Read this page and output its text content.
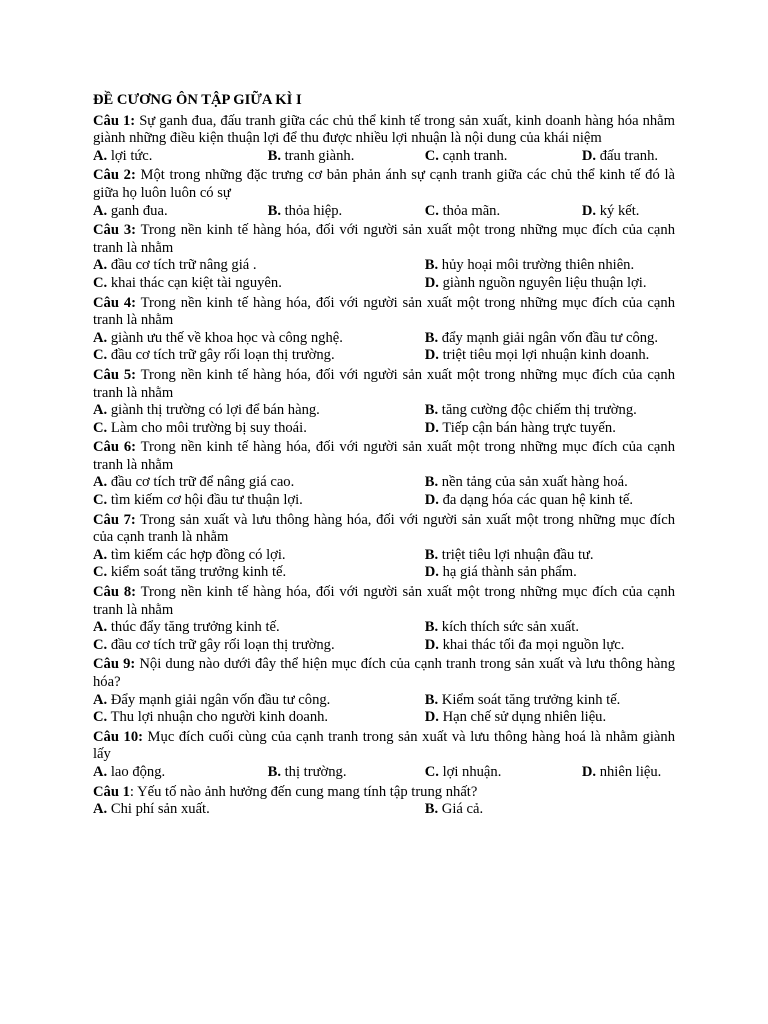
ĐỀ CƯƠNG ÔN TẬP GIỮA KÌ I
Câu 1: Sự ganh đua, đấu tranh giữa các chủ thể kinh tế trong sản xuất, kinh doanh hàng hóa nhằm giành những điều kiện thuận lợi để thu được nhiều lợi nhuận là nội dung của khái niệm
A. lợi tức.	B. tranh giành.	C. cạnh tranh.	D. đấu tranh.
Câu 2: Một trong những đặc trưng cơ bản phản ánh sự cạnh tranh giữa các chủ thể kinh tế đó là giữa họ luôn luôn có sự
A. ganh đua.	B. thỏa hiệp.	C. thỏa mãn.	D. ký kết.
Câu 3: Trong nền kinh tế hàng hóa, đối với người sản xuất một trong những mục đích của cạnh tranh là nhằm
A. đầu cơ tích trữ nâng giá .	B. hủy hoại môi trường thiên nhiên.
C. khai thác cạn kiệt tài nguyên.	D. giành nguồn nguyên liệu thuận lợi.
Câu 4: Trong nền kinh tế hàng hóa, đối với người sản xuất một trong những mục đích của cạnh tranh là nhằm
A. giành ưu thế về khoa học và công nghệ.	B. đẩy mạnh giải ngân vốn đầu tư công.
C. đầu cơ tích trữ gây rối loạn thị trường.	D. triệt tiêu mọi lợi nhuận kinh doanh.
Câu 5: Trong nền kinh tế hàng hóa, đối với người sản xuất một trong những mục đích của cạnh tranh là nhằm
A. giành thị trường có lợi để bán hàng.	B. tăng cường độc chiếm thị trường.
C. Làm cho môi trường bị suy thoái.	D. Tiếp cận bán hàng trực tuyến.
Câu 6: Trong nền kinh tế hàng hóa, đối với người sản xuất một trong những mục đích của cạnh tranh là nhằm
A. đầu cơ tích trữ để nâng giá cao.	B. nền tảng của sản xuất hàng hoá.
C. tìm kiếm cơ hội đầu tư thuận lợi.	D. đa dạng hóa các quan hệ kinh tế.
Câu 7: Trong sản xuất và lưu thông hàng hóa, đối với người sản xuất một trong những mục đích của cạnh tranh là nhằm
A. tìm kiếm các hợp đồng có lợi.	B. triệt tiêu lợi nhuận đầu tư.
C. kiểm soát tăng trưởng kinh tế.	D. hạ giá thành sản phẩm.
Câu 8: Trong nền kinh tế hàng hóa, đối với người sản xuất một trong những mục đích của cạnh tranh là nhằm
A. thúc đẩy tăng trưởng kinh tế.	B. kích thích sức sản xuất.
C. đầu cơ tích trữ gây rối loạn thị trường.	D. khai thác tối đa mọi nguồn lực.
Câu 9: Nội dung nào dưới đây thể hiện mục đích của cạnh tranh trong sản xuất và lưu thông hàng hóa?
A. Đẩy mạnh giải ngân vốn đầu tư công.	B. Kiểm soát tăng trưởng kinh tế.
C. Thu lợi nhuận cho người kinh doanh.	D. Hạn chế sử dụng nhiên liệu.
Câu 10: Mục đích cuối cùng của cạnh tranh trong sản xuất và lưu thông hàng hoá là nhằm giành lấy
A. lao động.	B. thị trường.	C. lợi nhuận.	D. nhiên liệu.
Câu 1: Yếu tố nào ảnh hưởng đến cung mang tính tập trung nhất?
A. Chi phí sản xuất.	B. Giá cả.
